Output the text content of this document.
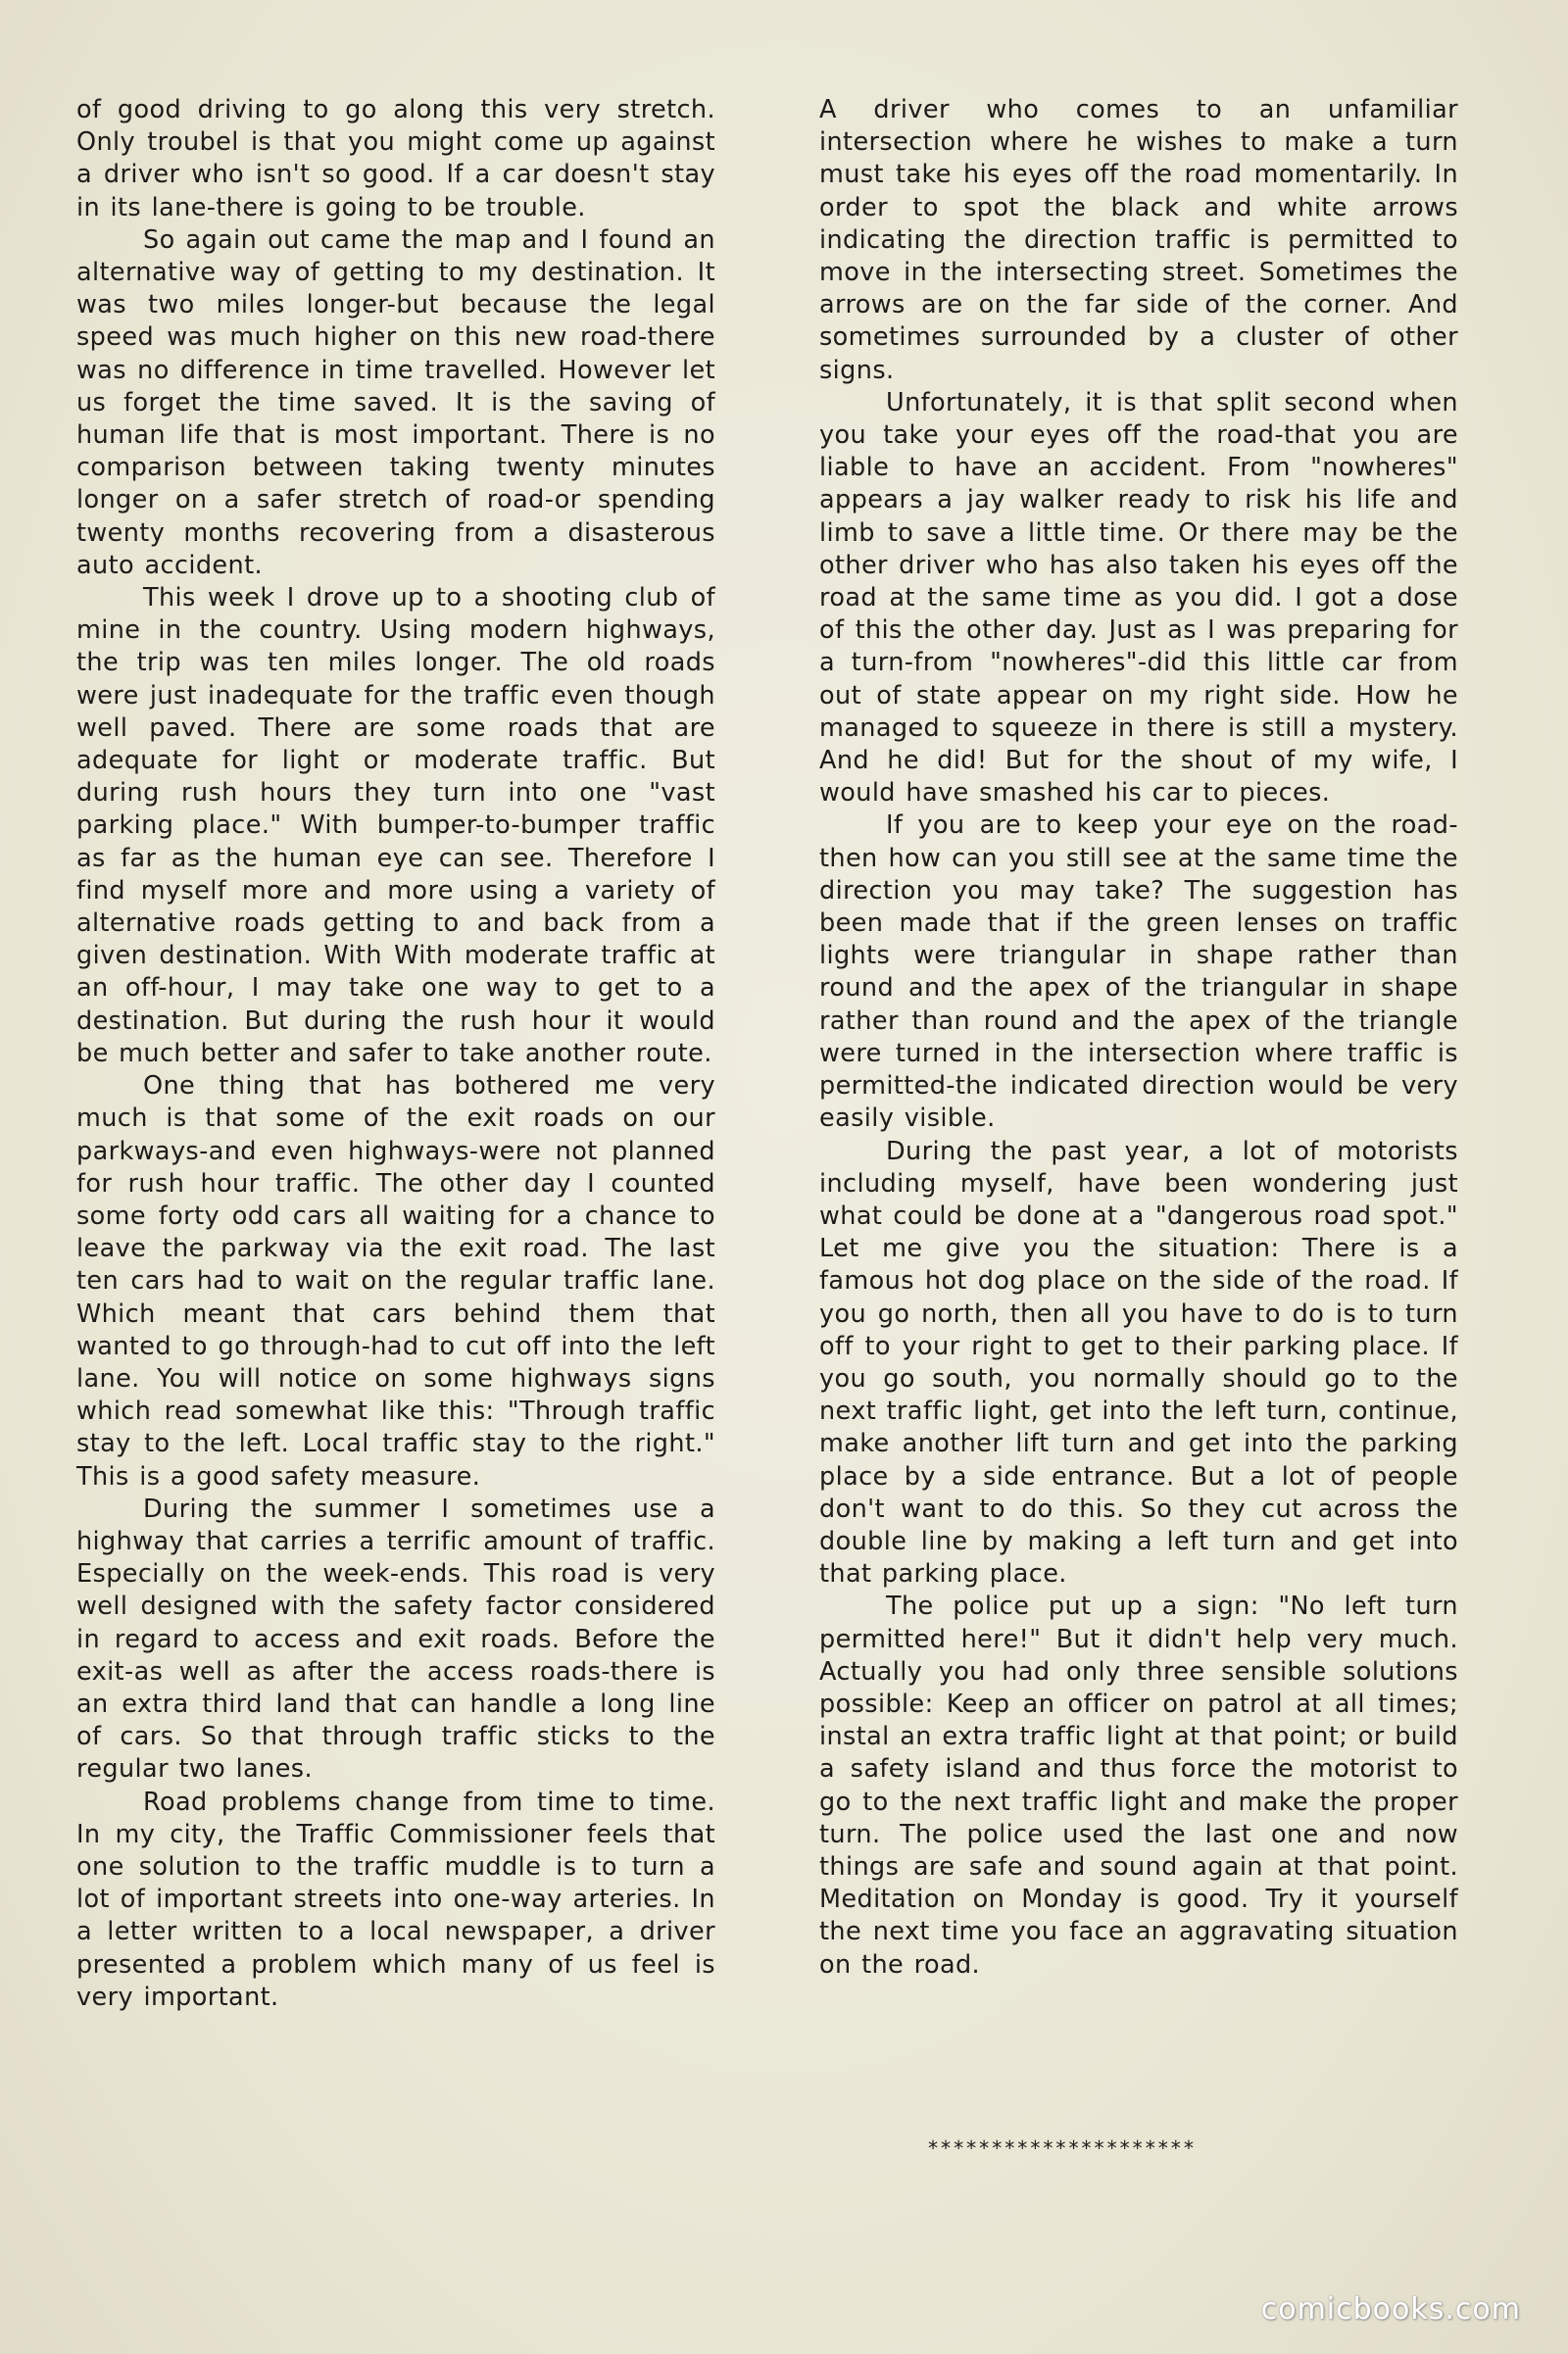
of good driving to go along this very stretch. Only troubel is that you might come up against a driver who isn't so good. If a car doesn't stay in its lane-there is going to be trouble.

So again out came the map and I found an alternative way of getting to my destination. It was two miles longer-but because the legal speed was much higher on this new road-there was no difference in time travelled. However let us forget the time saved. It is the saving of human life that is most important. There is no comparison between taking twenty minutes longer on a safer stretch of road-or spending twenty months recovering from a disasterous auto accident.

This week I drove up to a shooting club of mine in the country. Using modern highways, the trip was ten miles longer. The old roads were just inadequate for the traffic even though well paved. There are some roads that are adequate for light or moderate traffic. But during rush hours they turn into one "vast parking place." With bumper-to-bumper traffic as far as the human eye can see. Therefore I find myself more and more using a variety of alternative roads getting to and back from a given destination. With With moderate traffic at an off-hour, I may take one way to get to a destination. But during the rush hour it would be much better and safer to take another route.

One thing that has bothered me very much is that some of the exit roads on our parkways-and even highways-were not planned for rush hour traffic. The other day I counted some forty odd cars all waiting for a chance to leave the parkway via the exit road. The last ten cars had to wait on the regular traffic lane. Which meant that cars behind them that wanted to go through-had to cut off into the left lane. You will notice on some highways signs which read somewhat like this: "Through traffic stay to the left. Local traffic stay to the right." This is a good safety measure.

During the summer I sometimes use a highway that carries a terrific amount of traffic. Especially on the week-ends. This road is very well designed with the safety factor considered in regard to access and exit roads. Before the exit-as well as after the access roads-there is an extra third land that can handle a long line of cars. So that through traffic sticks to the regular two lanes.

Road problems change from time to time. In my city, the Traffic Commissioner feels that one solution to the traffic muddle is to turn a lot of important streets into one-way arteries. In a letter written to a local newspaper, a driver presented a problem which many of us feel is very important.

A driver who comes to an unfamiliar intersection where he wishes to make a turn must take his eyes off the road momentarily. In order to spot the black and white arrows indicating the direction traffic is permitted to move in the intersecting street. Sometimes the arrows are on the far side of the corner. And sometimes surrounded by a cluster of other signs.

Unfortunately, it is that split second when you take your eyes off the road-that you are liable to have an accident. From "nowheres" appears a jay walker ready to risk his life and limb to save a little time. Or there may be the other driver who has also taken his eyes off the road at the same time as you did. I got a dose of this the other day. Just as I was preparing for a turn-from "nowheres"-did this little car from out of state appear on my right side. How he managed to squeeze in there is still a mystery. And he did! But for the shout of my wife, I would have smashed his car to pieces.

If you are to keep your eye on the road-then how can you still see at the same time the direction you may take? The suggestion has been made that if the green lenses on traffic lights were triangular in shape rather than round and the apex of the triangular in shape rather than round and the apex of the triangle were turned in the intersection where traffic is permitted-the indicated direction would be very easily visible.

During the past year, a lot of motorists including myself, have been wondering just what could be done at a "dangerous road spot." Let me give you the situation: There is a famous hot dog place on the side of the road. If you go north, then all you have to do is to turn off to your right to get to their parking place. If you go south, you normally should go to the next traffic light, get into the left turn, continue, make another lift turn and get into the parking place by a side entrance. But a lot of people don't want to do this. So they cut across the double line by making a left turn and get into that parking place.

The police put up a sign: "No left turn permitted here!" But it didn't help very much. Actually you had only three sensible solutions possible: Keep an officer on patrol at all times; instal an extra traffic light at that point; or build a safety island and thus force the motorist to go to the next traffic light and make the proper turn. The police used the last one and now things are safe and sound again at that point. Meditation on Monday is good. Try it yourself the next time you face an aggravating situation on the road.

*********************
comicbooks.com
